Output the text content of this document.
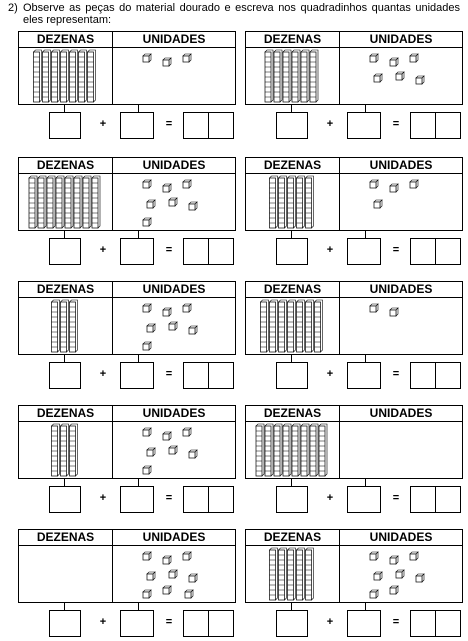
2) Observe as peças do material dourado e escreva nos quadradinhos quantas unidades eles representam:
DEZENAS	UNIDADES
+	=
DEZENAS	UNIDADES
+	=
DEZENAS	UNIDADES
+	=
DEZENAS	UNIDADES
+	=
DEZENAS	UNIDADES
+	=
DEZENAS	UNIDADES
+	=
DEZENAS	UNIDADES
+	=
DEZENAS	UNIDADES
+	=
DEZENAS	UNIDADES
+	=
DEZENAS	UNIDADES
+	=
